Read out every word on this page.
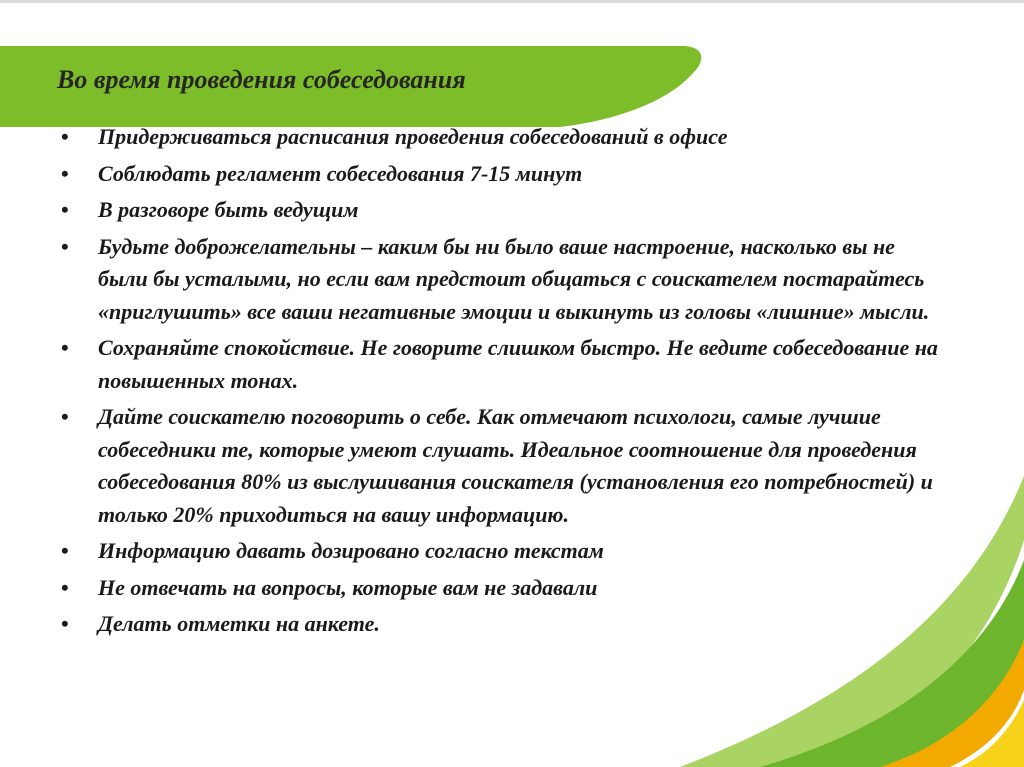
Во время проведения собеседования
• Придерживаться расписания проведения собеседований в офисе
• Соблюдать регламент собеседования 7-15 минут
• В разговоре быть ведущим
• Будьте доброжелательны – каким бы ни было ваше настроение, насколько вы не были бы усталыми, но если вам предстоит общаться с соискателем постарайтесь «приглушить» все ваши негативные эмоции и выкинуть из головы «лишние» мысли.
• Сохраняйте спокойствие. Не говорите слишком быстро. Не ведите собеседование на повышенных тонах.
• Дайте соискателю поговорить о себе. Как отмечают психологи, самые лучшие собеседники те, которые умеют слушать. Идеальное соотношение для проведения собеседования 80% из выслушивания соискателя (установления его потребностей) и только 20% приходиться на вашу информацию.
• Информацию давать дозировано согласно текстам
• Не отвечать на вопросы, которые вам не задавали
• Делать отметки на анкете.
